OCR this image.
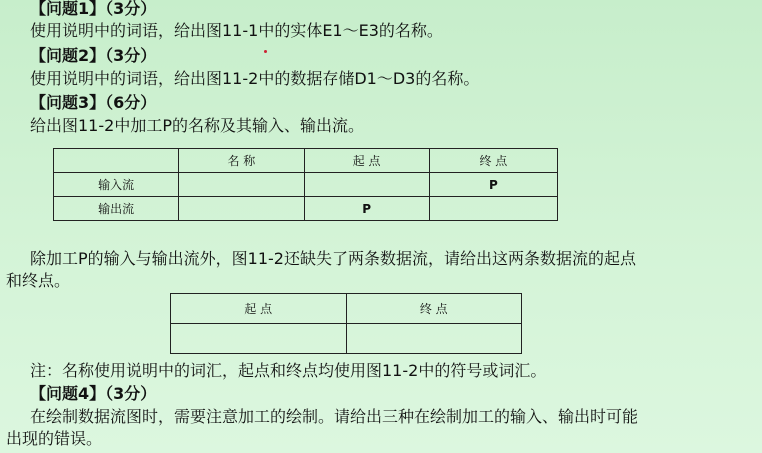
【问题1】（3分）
使用说明中的词语，给出图11-1中的实体E1～E3的名称。
【问题2】（3分）
使用说明中的词语，给出图11-2中的数据存储D1～D3的名称。
【问题3】（6分）
给出图11-2中加工P的名称及其输入、输出流。
	名 称	起 点	终 点
输入流			P
输出流		P	
除加工P的输入与输出流外，图11-2还缺失了两条数据流，请给出这两条数据流的起点
和终点。
起 点	终 点

注：名称使用说明中的词汇，起点和终点均使用图11-2中的符号或词汇。
【问题4】（3分）
在绘制数据流图时，需要注意加工的绘制。请给出三种在绘制加工的输入、输出时可能
出现的错误。
